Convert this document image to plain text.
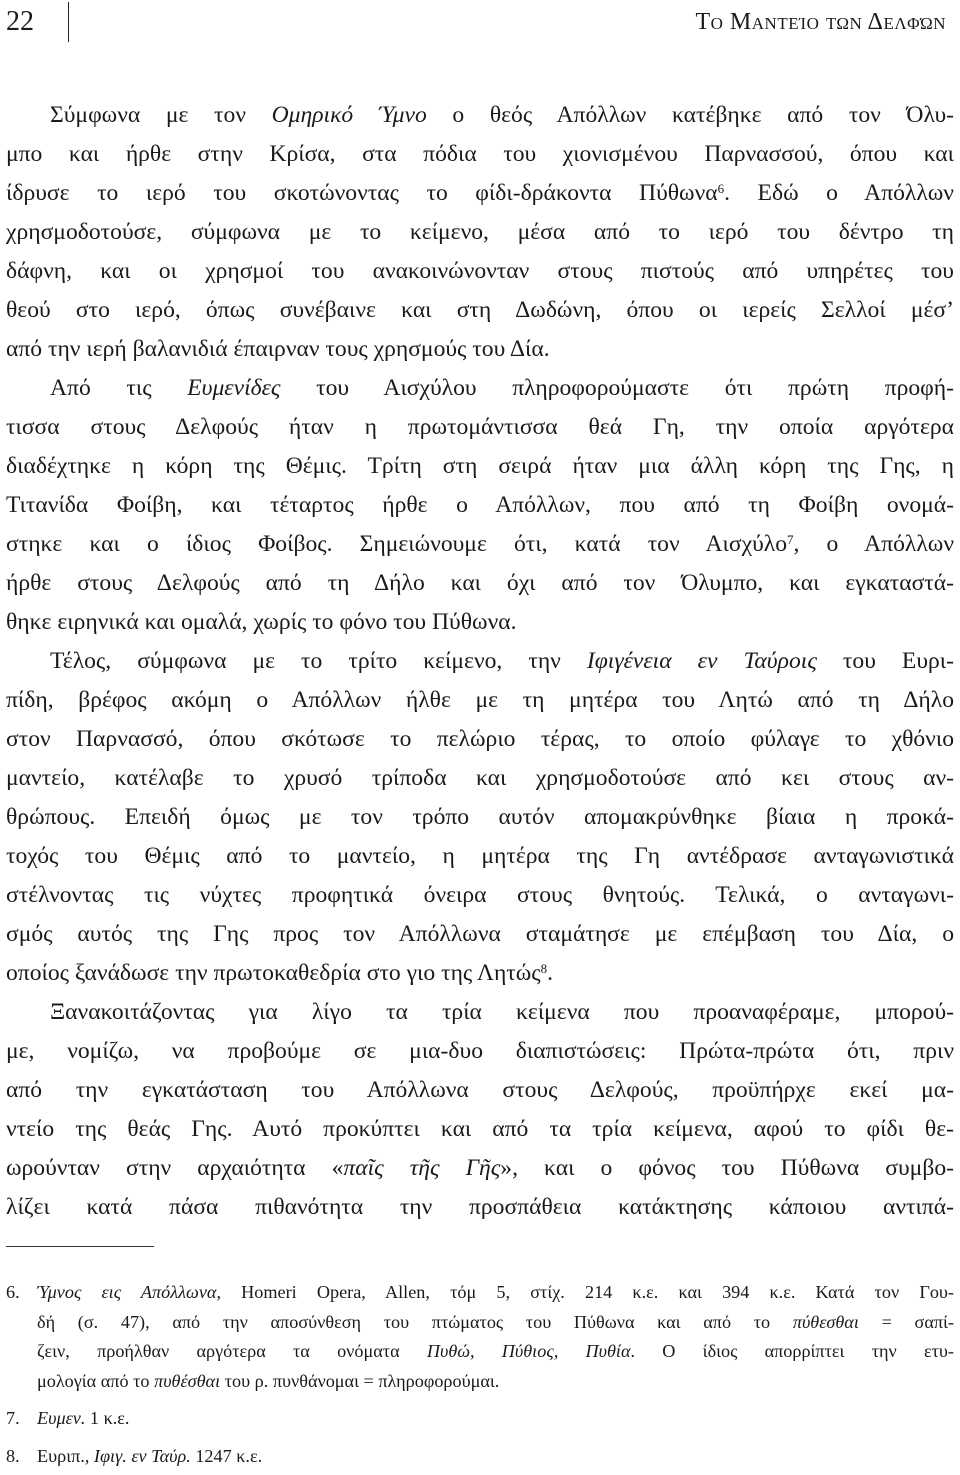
22	Το Μαντείο των Δελφών
Σύμφωνα με τον Ομηρικό Ύμνο ο θεός Απόλλων κατέβηκε από τον Όλυ-
μπο και ήρθε στην Κρίσα, στα πόδια του χιονισμένου Παρνασσού, όπου και
ίδρυσε το ιερό του σκοτώνοντας το φίδι-δράκοντα Πύθωνα$^6$. Εδώ ο Απόλλων
χρησμοδοτούσε, σύμφωνα με το κείμενο, μέσα από το ιερό του δέντρο τη
δάφνη, και οι χρησμοί του ανακοινώνονταν στους πιστούς από υπηρέτες του
θεού στο ιερό, όπως συνέβαινε και στη Δωδώνη, όπου οι ιερείς Σελλοί μέσ’
από την ιερή βαλανιδιά έπαιρναν τους χρησμούς του Δία.
Από τις Ευμενίδες του Αισχύλου πληροφορούμαστε ότι πρώτη προφή-
τισσα στους Δελφούς ήταν η πρωτομάντισσα θεά Γη, την οποία αργότερα
διαδέχτηκε η κόρη της Θέμις. Τρίτη στη σειρά ήταν μια άλλη κόρη της Γης, η
Τιτανίδα Φοίβη, και τέταρτος ήρθε ο Απόλλων, που από τη Φοίβη ονομά-
στηκε και ο ίδιος Φοίβος. Σημειώνουμε ότι, κατά τον Αισχύλο$^7$, ο Απόλλων
ήρθε στους Δελφούς από τη Δήλο και όχι από τον Όλυμπο, και εγκαταστά-
θηκε ειρηνικά και ομαλά, χωρίς το φόνο του Πύθωνα.
Τέλος, σύμφωνα με το τρίτο κείμενο, την Ιφιγένεια εν Ταύροις του Ευρι-
πίδη, βρέφος ακόμη ο Απόλλων ήλθε με τη μητέρα του Λητώ από τη Δήλο
στον Παρνασσό, όπου σκότωσε το πελώριο τέρας, το οποίο φύλαγε το χθόνιο
μαντείο, κατέλαβε το χρυσό τρίποδα και χρησμοδοτούσε από κει στους αν-
θρώπους. Επειδή όμως με τον τρόπο αυτόν απομακρύνθηκε βίαια η προκά-
τοχός του Θέμις από το μαντείο, η μητέρα της Γη αντέδρασε ανταγωνιστικά
στέλνοντας τις νύχτες προφητικά όνειρα στους θνητούς. Τελικά, ο ανταγωνι-
σμός αυτός της Γης προς τον Απόλλωνα σταμάτησε με επέμβαση του Δία, ο
οποίος ξανάδωσε την πρωτοκαθεδρία στο γιο της Λητώς$^8$.
Ξανακοιτάζοντας για λίγο τα τρία κείμενα που προαναφέραμε, μπορού-
με, νομίζω, να προβούμε σε μια-δυο διαπιστώσεις: Πρώτα-πρώτα ότι, πριν
από την εγκατάσταση του Απόλλωνα στους Δελφούς, προϋπήρχε εκεί μα-
ντείο της θεάς Γης. Αυτό προκύπτει και από τα τρία κείμενα, αφού το φίδι θε-
ωρούνταν στην αρχαιότητα «παῖς τῆς Γῆς», και ο φόνος του Πύθωνα συμβο-
λίζει κατά πάσα πιθανότητα την προσπάθεια κατάκτησης κάποιου αντιπά-
6. Ύμνος εις Απόλλωνα, Homeri Opera, Allen, τόμ 5, στίχ. 214 κ.ε. και 394 κ.ε. Κατά τον Γου-
δή (σ. 47), από την αποσύνθεση του πτώματος του Πύθωνα και από το πύθεσθαι = σαπί-
ζειν, προήλθαν αργότερα τα ονόματα Πυθώ, Πύθιος, Πυθία. Ο ίδιος απορρίπτει την ετυ-
μολογία από το πυθέσθαι του ρ. πυνθάνομαι = πληροφορούμαι.
7. Ευμεν. 1 κ.ε.
8. Ευριπ., Ιφιγ. εν Ταύρ. 1247 κ.ε.
